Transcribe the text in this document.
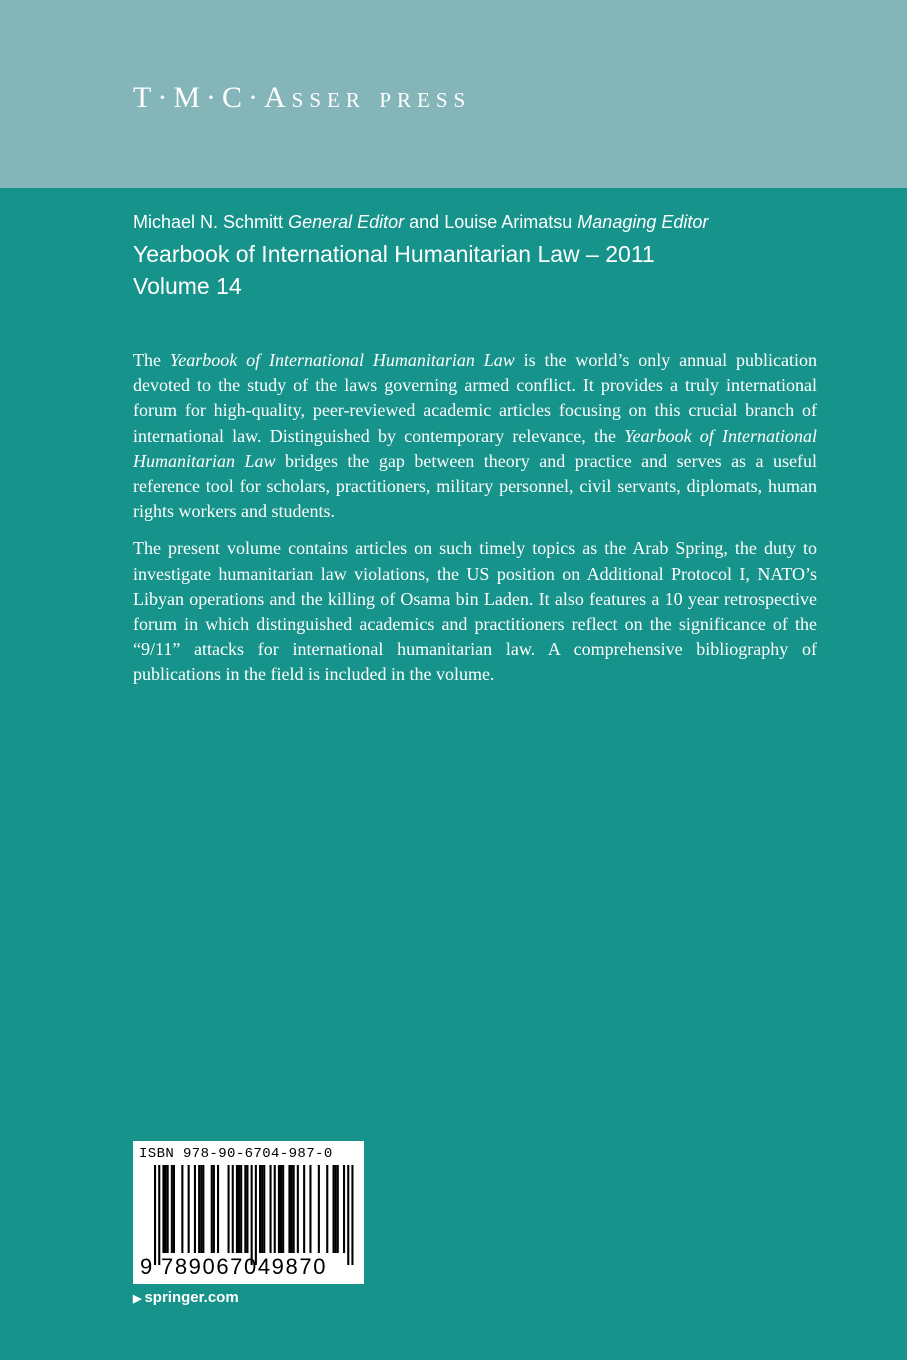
T·M·C·Asser press

Michael N. Schmitt General Editor and Louise Arimatsu Managing Editor

Yearbook of International Humanitarian Law – 2011
Volume 14

The Yearbook of International Humanitarian Law is the world’s only annual publication devoted to the study of the laws governing armed conflict. It provides a truly international forum for high-quality, peer-reviewed academic articles focusing on this crucial branch of international law. Distinguished by contemporary relevance, the Yearbook of International Humanitarian Law bridges the gap between theory and practice and serves as a useful reference tool for scholars, practitioners, military personnel, civil servants, diplomats, human rights workers and students.

The present volume contains articles on such timely topics as the Arab Spring, the duty to investigate humanitarian law violations, the US position on Additional Protocol I, NATO’s Libyan operations and the killing of Osama bin Laden. It also features a 10 year retrospective forum in which distinguished academics and practitioners reflect on the significance of the “9/11” attacks for international humanitarian law. A comprehensive bibliography of publications in the field is included in the volume.

ISBN 978-90-6704-987-0

9 789067049870

▶ springer.com
